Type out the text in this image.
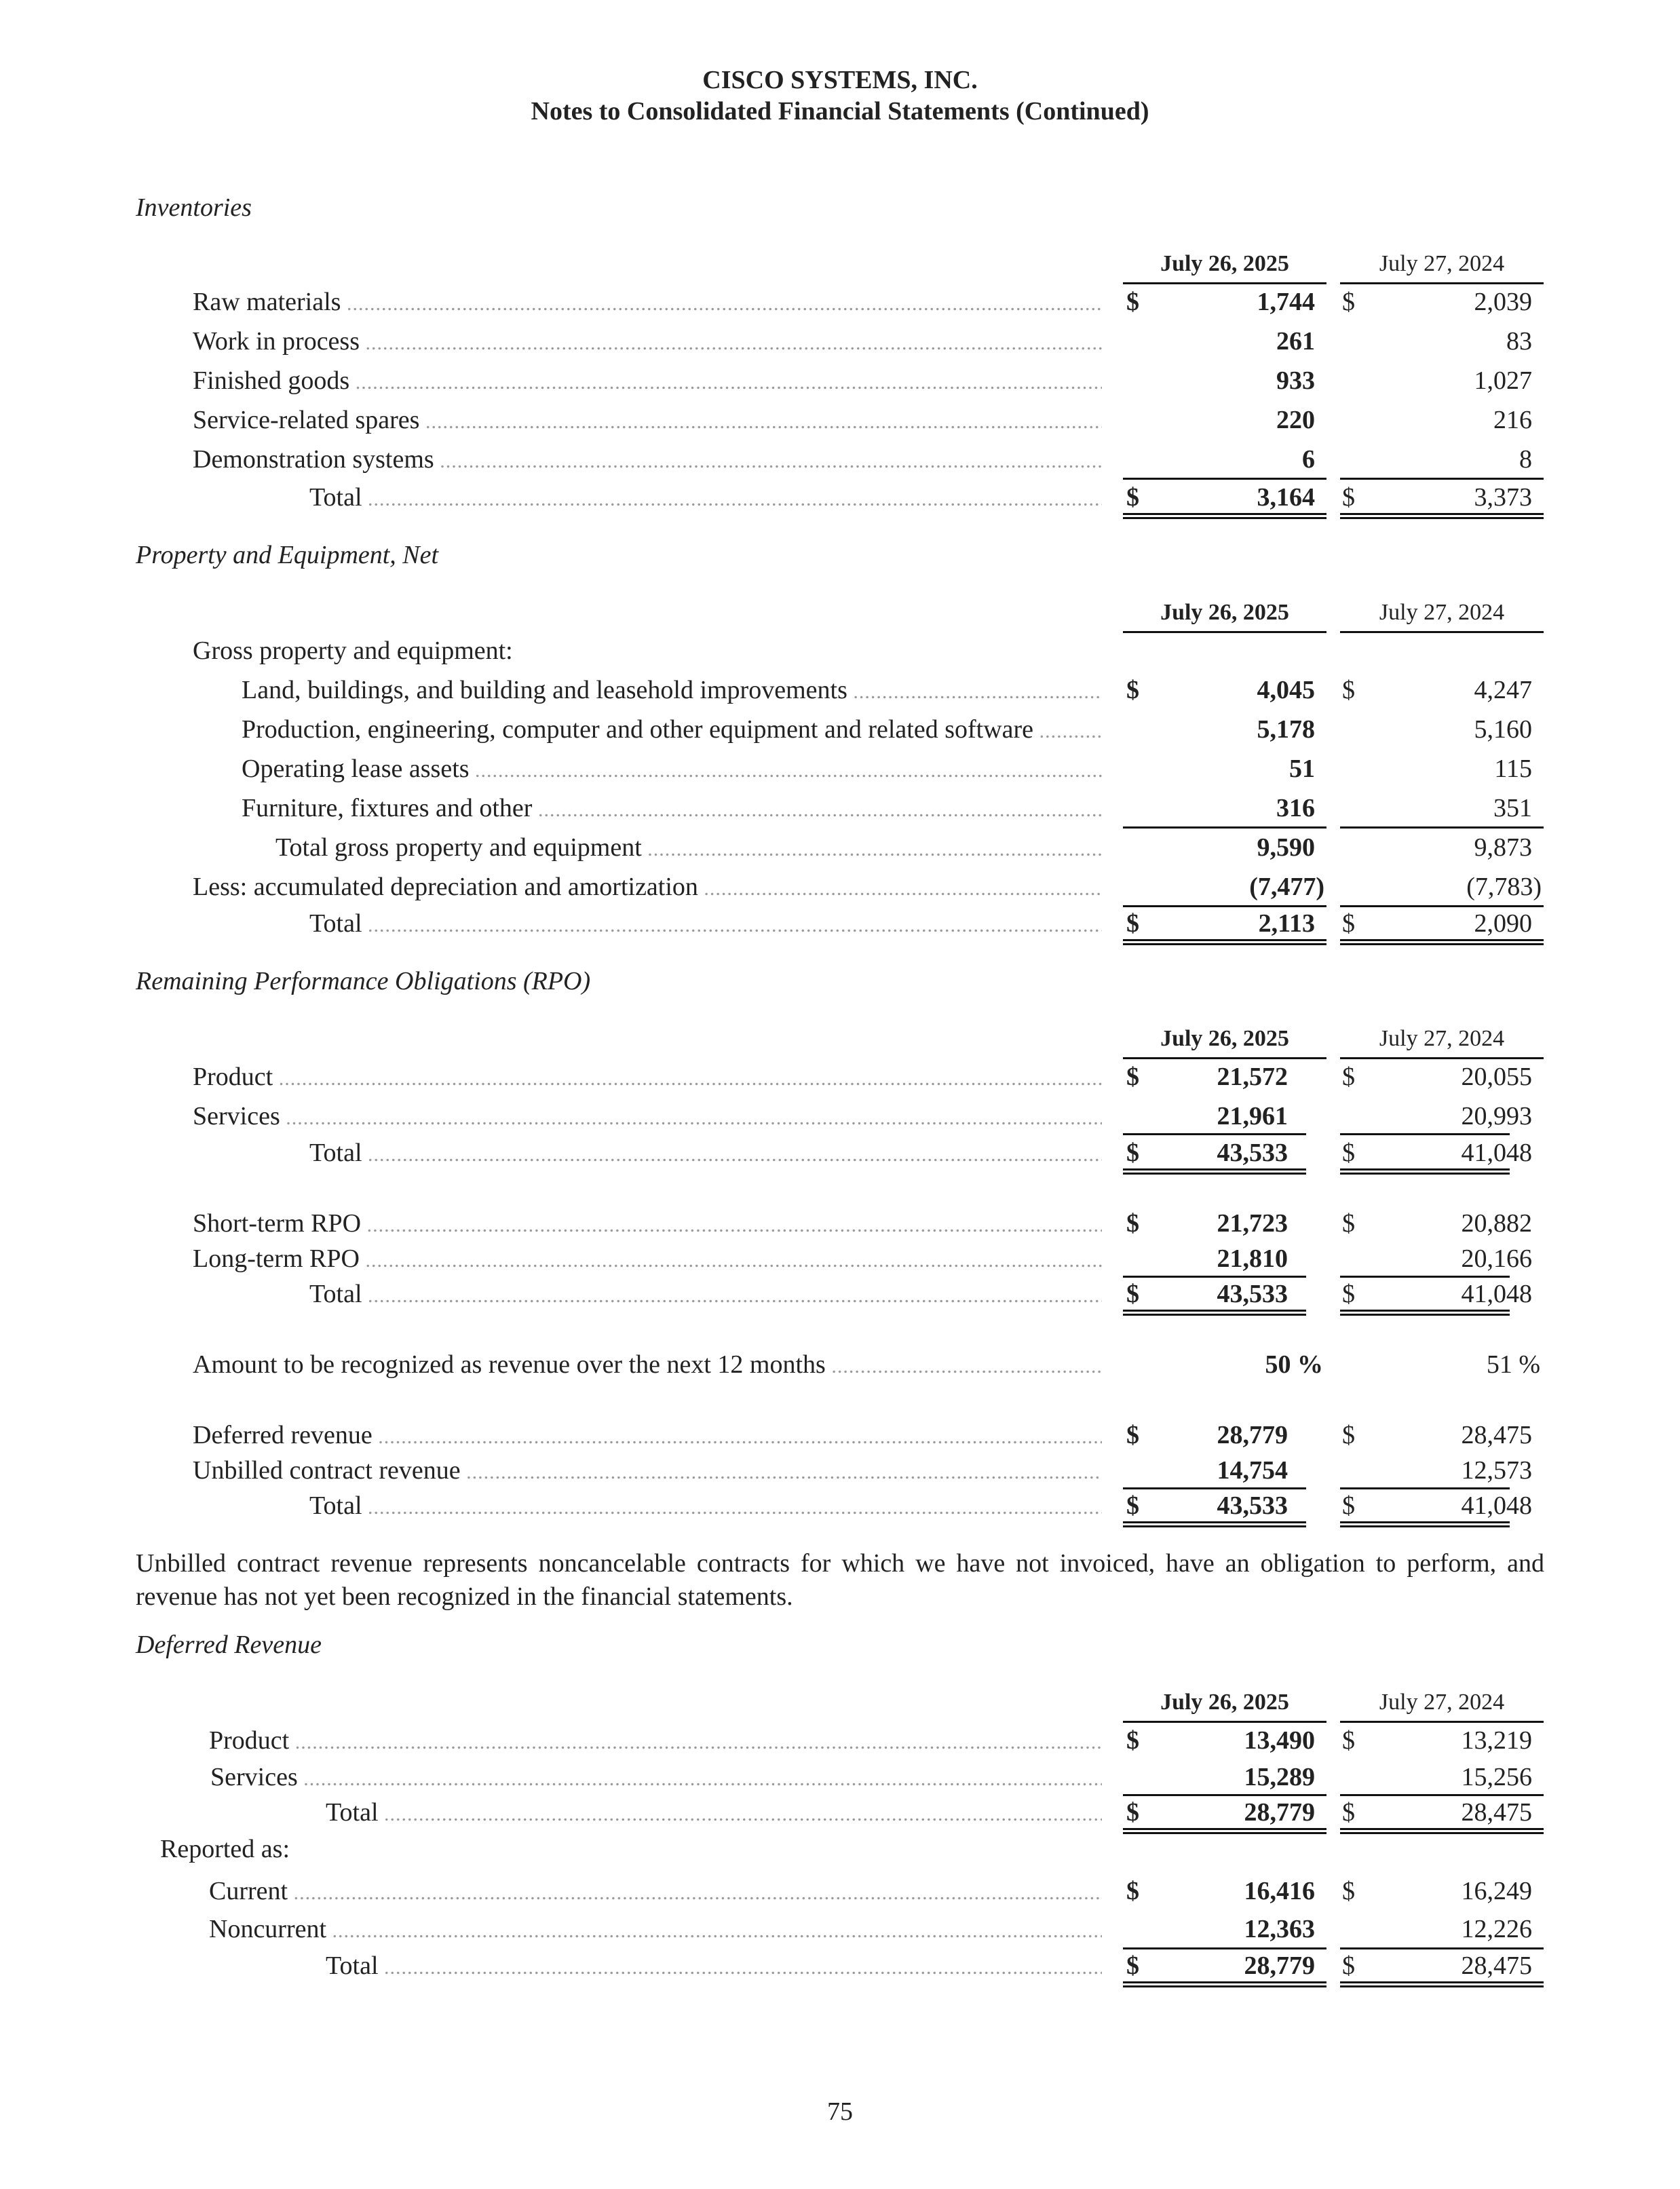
CISCO SYSTEMS, INC.
Notes to Consolidated Financial Statements (Continued)
Inventories
July 26, 2025	July 27, 2024
Raw materials .....	$	1,744 $	2,039
Work in process .....	261	83
Finished goods .....	933	1,027
Service-related spares .....	220	216
Demonstration systems .....	6	8
Total .....	$	3,164 $	3,373
Property and Equipment, Net
July 26, 2025	July 27, 2024
Gross property and equipment:
Land, buildings, and building and leasehold improvements .....	$	4,045 $	4,247
Production, engineering, computer and other equipment and related software .....	5,178	5,160
Operating lease assets .....	51	115
Furniture, fixtures and other .....	316	351
Total gross property and equipment .....	9,590	9,873
Less: accumulated depreciation and amortization .....	(7,477)	(7,783)
Total .....	$	2,113 $	2,090
Remaining Performance Obligations (RPO)
July 26, 2025	July 27, 2024
Product .....	$	21,572 $	20,055
Services .....	21,961	20,993
Total .....	$	43,533 $	41,048
Short-term RPO .....	$	21,723 $	20,882
Long-term RPO .....	21,810	20,166
Total .....	$	43,533 $	41,048
Amount to be recognized as revenue over the next 12 months .....	50 %	51 %
Deferred revenue .....	$	28,779 $	28,475
Unbilled contract revenue .....	14,754	12,573
Total .....	$	43,533 $	41,048
Unbilled contract revenue represents noncancelable contracts for which we have not invoiced, have an obligation to perform, and revenue has not yet been recognized in the financial statements.
Deferred Revenue
July 26, 2025	July 27, 2024
Product .....	$	13,490 $	13,219
Services .....	15,289	15,256
Total .....	$	28,779 $	28,475
Reported as:
Current .....	$	16,416 $	16,249
Noncurrent .....	12,363	12,226
Total .....	$	28,779 $	28,475
75
